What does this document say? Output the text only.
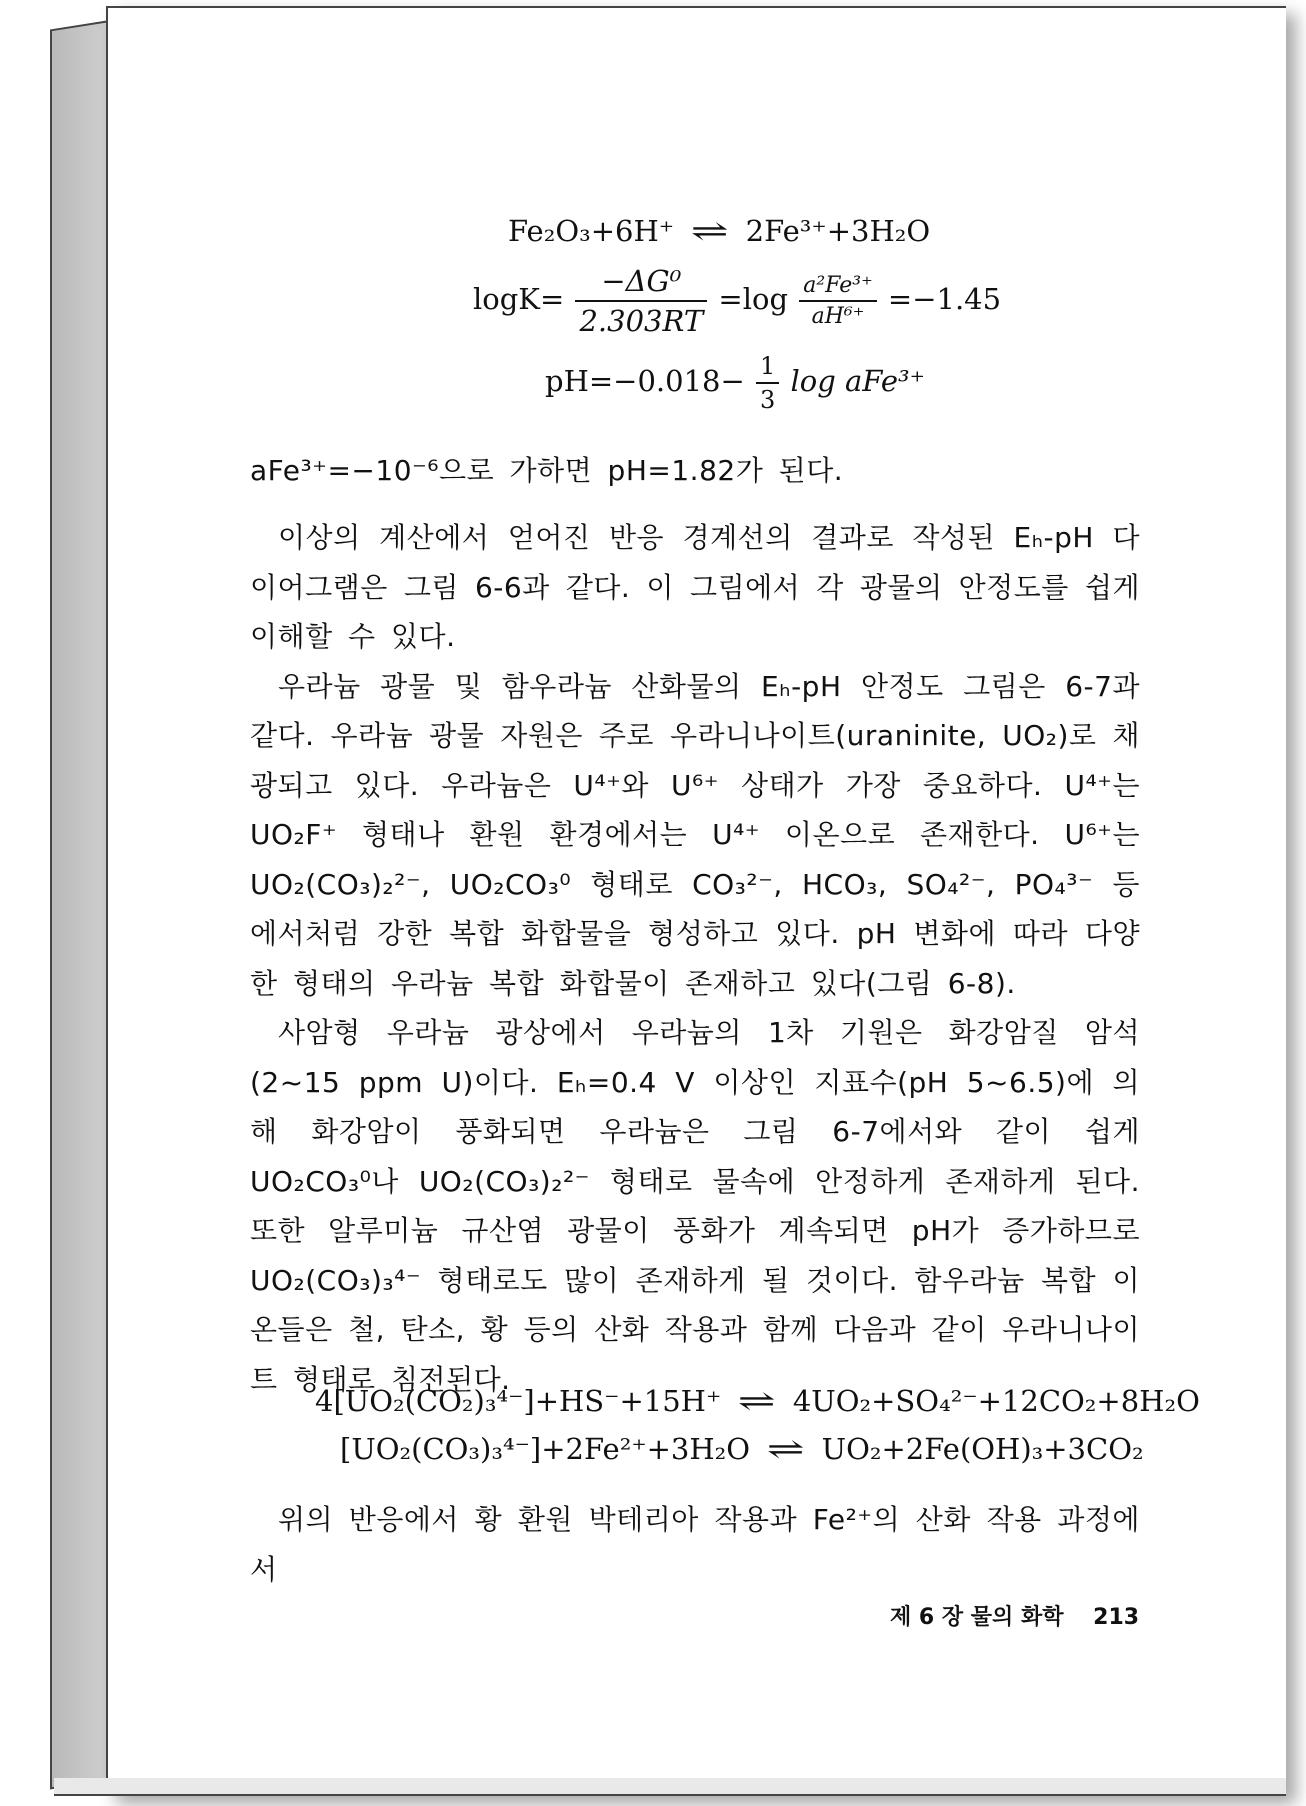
Fe₂O₃+6H⁺ ⇌ 2Fe³⁺+3H₂O
$\log K= \frac{\text{−ΔG⁰}}{2.303RT} =\log \frac{\text{a²Fe³⁺}}{\text{aH⁶⁺}} =-1.45$
$pH=-0.018- \frac{1}{3}$ log aFe³⁺

aFe³⁺=−10⁻⁶으로 가하면 pH=1.82가 된다.

이상의 계산에서 얻어진 반응 경계선의 결과로 작성된 Eₕ-pH 다이어그램은 그림 6-6과 같다. 이 그림에서 각 광물의 안정도를 쉽게 이해할 수 있다.

우라늄 광물 및 함우라늄 산화물의 Eₕ-pH 안정도 그림은 6-7과 같다. 우라늄 광물 자원은 주로 우라니나이트(uraninite, UO₂)로 채광되고 있다. 우라늄은 U⁴⁺와 U⁶⁺ 상태가 가장 중요하다. U⁴⁺는 UO₂F⁺ 형태나 환원 환경에서는 U⁴⁺ 이온으로 존재한다. U⁶⁺는 UO₂(CO₃)₂²⁻, UO₂CO₃⁰ 형태로 CO₃²⁻, HCO₃, SO₄²⁻, PO₄³⁻ 등에서처럼 강한 복합 화합물을 형성하고 있다. pH 변화에 따라 다양한 형태의 우라늄 복합 화합물이 존재하고 있다(그림 6-8).

사암형 우라늄 광상에서 우라늄의 1차 기원은 화강암질 암석(2~15 ppm U)이다. Eₕ=0.4 V 이상인 지표수(pH 5~6.5)에 의해 화강암이 풍화되면 우라늄은 그림 6-7에서와 같이 쉽게 UO₂CO₃⁰나 UO₂(CO₃)₂²⁻ 형태로 물속에 안정하게 존재하게 된다. 또한 알루미늄 규산염 광물이 풍화가 계속되면 pH가 증가하므로 UO₂(CO₃)₃⁴⁻ 형태로도 많이 존재하게 될 것이다. 함우라늄 복합 이온들은 철, 탄소, 황 등의 산화 작용과 함께 다음과 같이 우라니나이트 형태로 침전된다.

4[UO₂(CO₂)₃⁴⁻]+HS⁻+15H⁺ ⇌ 4UO₂+SO₄²⁻+12CO₂+8H₂O
[UO₂(CO₃)₃⁴⁻]+2Fe²⁺+3H₂O ⇌ UO₂+2Fe(OH)₃+3CO₂

위의 반응에서 황 환원 박테리아 작용과 Fe²⁺의 산화 작용 과정에서

제 6 장 물의 화학 213
